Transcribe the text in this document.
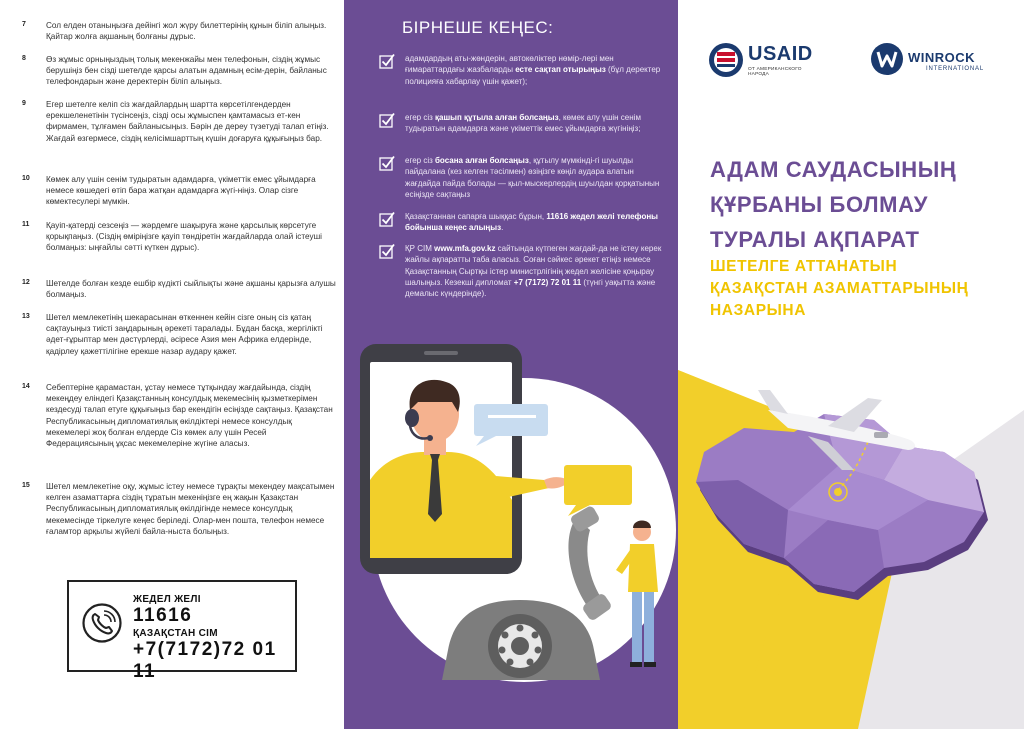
7 Сол елден отаныңызға дейінгі жол жүру билеттерінің құнын біліп алыңыз. Қайтар жолға ақшаның болғаны дұрыс.
8 Өз жұмыс орныңыздың толық мекенжайы мен телефонын, сіздің жұмыс берушіңіз бен сізді шетелде қарсы алатын адамның есім-дерін, байланыс телефондарын және деректерін біліп алыңыз.
9 Егер шетелге келіп сіз жағдайлардың шартта көрсетілгендерден ерекшеленетінін түсінсеңіз, сізді осы жұмыспен қамтамасыз ет-кен фирмамен, тұлғамен байланысыңыз. Бәрін де дереу түзетуді талап етіңіз. Жағдай өзгермесе, сіздің келісімшарттың күшін доғаруға құқығыңыз бар.
10 Көмек алу үшін сенім тудыратын адамдарға, үкіметтік емес ұйымдарға немесе көшедегі өтіп бара жатқан адамдарға жүгі-ніңіз. Олар сізге көмектесулері мүмкін.
11 Қауіп-қатерді сезсеңіз — жәрдемге шақыруға және қарсылық көрсетуге қорықпаңыз. (Сіздің өміріңізге қауіп төндіретін жағдайларда олай істеуші болмаңыз: ыңғайлы сәтті күткен дұрыс).
12 Шетелде болған кезде ешбір күдікті сыйлықты және ақшаны қарызға алушы болмаңыз.
13 Шетел мемлекетінің шекарасынан өткеннен кейін сізге оның сіз қатаң сақтауыңыз тиісті заңдарының әрекеті таралады. Бұдан басқа, жергілікті әдет-ғұрыптар мен дәстүрлерді, әсіресе Азия мен Африка елдерінде, қадірлеу қажеттілігіне ерекше назар аудару қажет.
14 Себептеріне қарамастан, ұстау немесе тұтқындау жағдайында, сіздің мекеңдеу еліндегі Қазақстанның консулдық мекемесінің қызметкерімен кездесуді талап етуге құқығыңыз бар екендігін есіңізде сақтаңыз. Қазақстан Республикасының дипломатиялық өкілдіктері немесе консулдық мекемелері жоқ болған елдерде Сіз көмек алу үшін Ресей Федерациясының ұқсас мекемелеріне жүгіне аласыз.
15 Шетел мемлекетіне оқу, жұмыс істеу немесе тұрақты мекендеу мақсатымен келген азаматтарға сіздің тұратын мекеніңізге ең жақын Қазақстан Республикасының дипломатиялық өкілдігінде немесе консулдық мекемесінде тіркелуге кеңес беріледі. Олар-мен пошта, телефон немесе ғаламтор арқылы жүйелі байла-ныста болыңыз.
ЖЕДЕЛ ЖЕЛІ
11616
ҚАЗАҚСТАН СІМ
+7(7172)72 01 11
БІРНЕШЕ КЕҢЕС:
адамдардың аты-жөндерін, автокөліктер нөмір-лері мен ғимараттардағы жазбаларды есте сақтап отырыңыз (бұл деректер полицияға хабарлау үшін қажет);
егер сіз қашып құтыла алған болсаңыз, көмек алу үшін сенім тудыратын адамдарға және үкіметтік емес ұйымдарға жүгініңіз;
егер сіз босана алған болсаңыз, құтылу мүмкінді-гі шуылды пайдалана (кез келген тәсілмен) өзіңізге көңіл аудара алатын жағдайда пайда болады — қыл-мыскерлердің шуылдан қорқатынын есіңізде сақтаңыз
Қазақстаннан сапарға шыққас бұрын, 11616 жедел желі телефоны бойынша кеңес алыңыз.
ҚР СІМ www.mfa.gov.kz сайтында күтпеген жағдай-да не істеу керек жайлы ақпаратты таба аласыз. Соған сәйкес әрекет етіңіз немесе Қазақстанның Сыртқы істер министрлігінің жедел желісіне қоңырау шалыңыз. Кезекші дипломат +7 (7172) 72 01 11 (түнгі уақытта және демалыс күндерінде).
USAID
ОТ АМЕРИКАНСКОГО НАРОДА
WINROCK
INTERNATIONAL
АДАМ САУДАСЫНЫҢ
ҚҰРБАНЫ БОЛМАУ
ТУРАЛЫ АҚПАРАТ
ШЕТЕЛГЕ АТТАНАТЫН
ҚАЗАҚСТАН АЗАМАТТАРЫНЫҢ
НАЗАРЫНА
